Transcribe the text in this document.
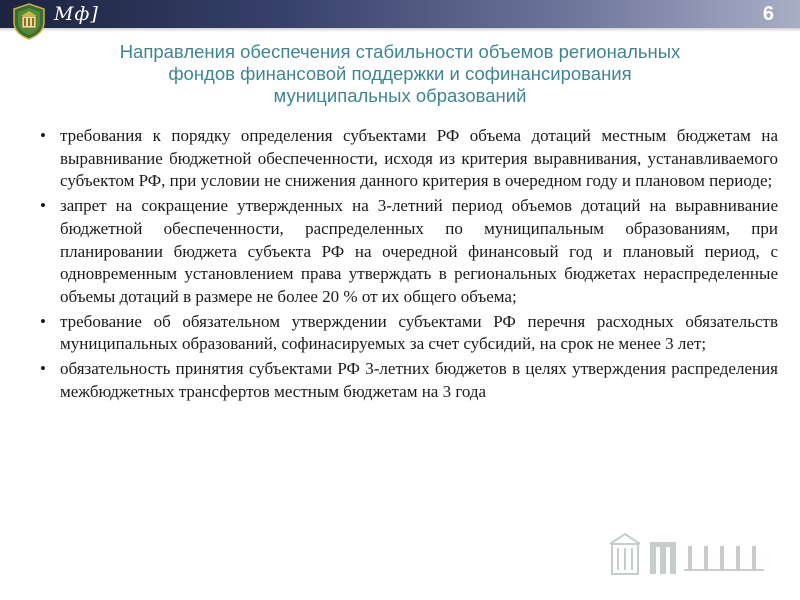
Мф]	6
Направления обеспечения стабильности объемов региональных
фондов финансовой поддержки и софинансирования
муниципальных образований
• требования к порядку определения субъектами РФ объема дотаций местным бюджетам на выравнивание бюджетной обеспеченности, исходя из критерия выравнивания, устанавливаемого субъектом РФ, при условии не снижения данного критерия в очередном году и плановом периоде;
• запрет на сокращение утвержденных на 3-летний период объемов дотаций на выравнивание бюджетной обеспеченности, распределенных по муниципальным образованиям, при планировании бюджета субъекта РФ на очередной финансовый год и плановый период, с одновременным установлением права утверждать в региональных бюджетах нераспределенные объемы дотаций в размере не более 20 % от их общего объема;
• требование об обязательном утверждении субъектами РФ перечня расходных обязательств муниципальных образований, софинасируемых за счет субсидий, на срок не менее 3 лет;
• обязательность принятия субъектами РФ 3-летних бюджетов в целях утверждения распределения межбюджетных трансфертов местным бюджетам на 3 года
